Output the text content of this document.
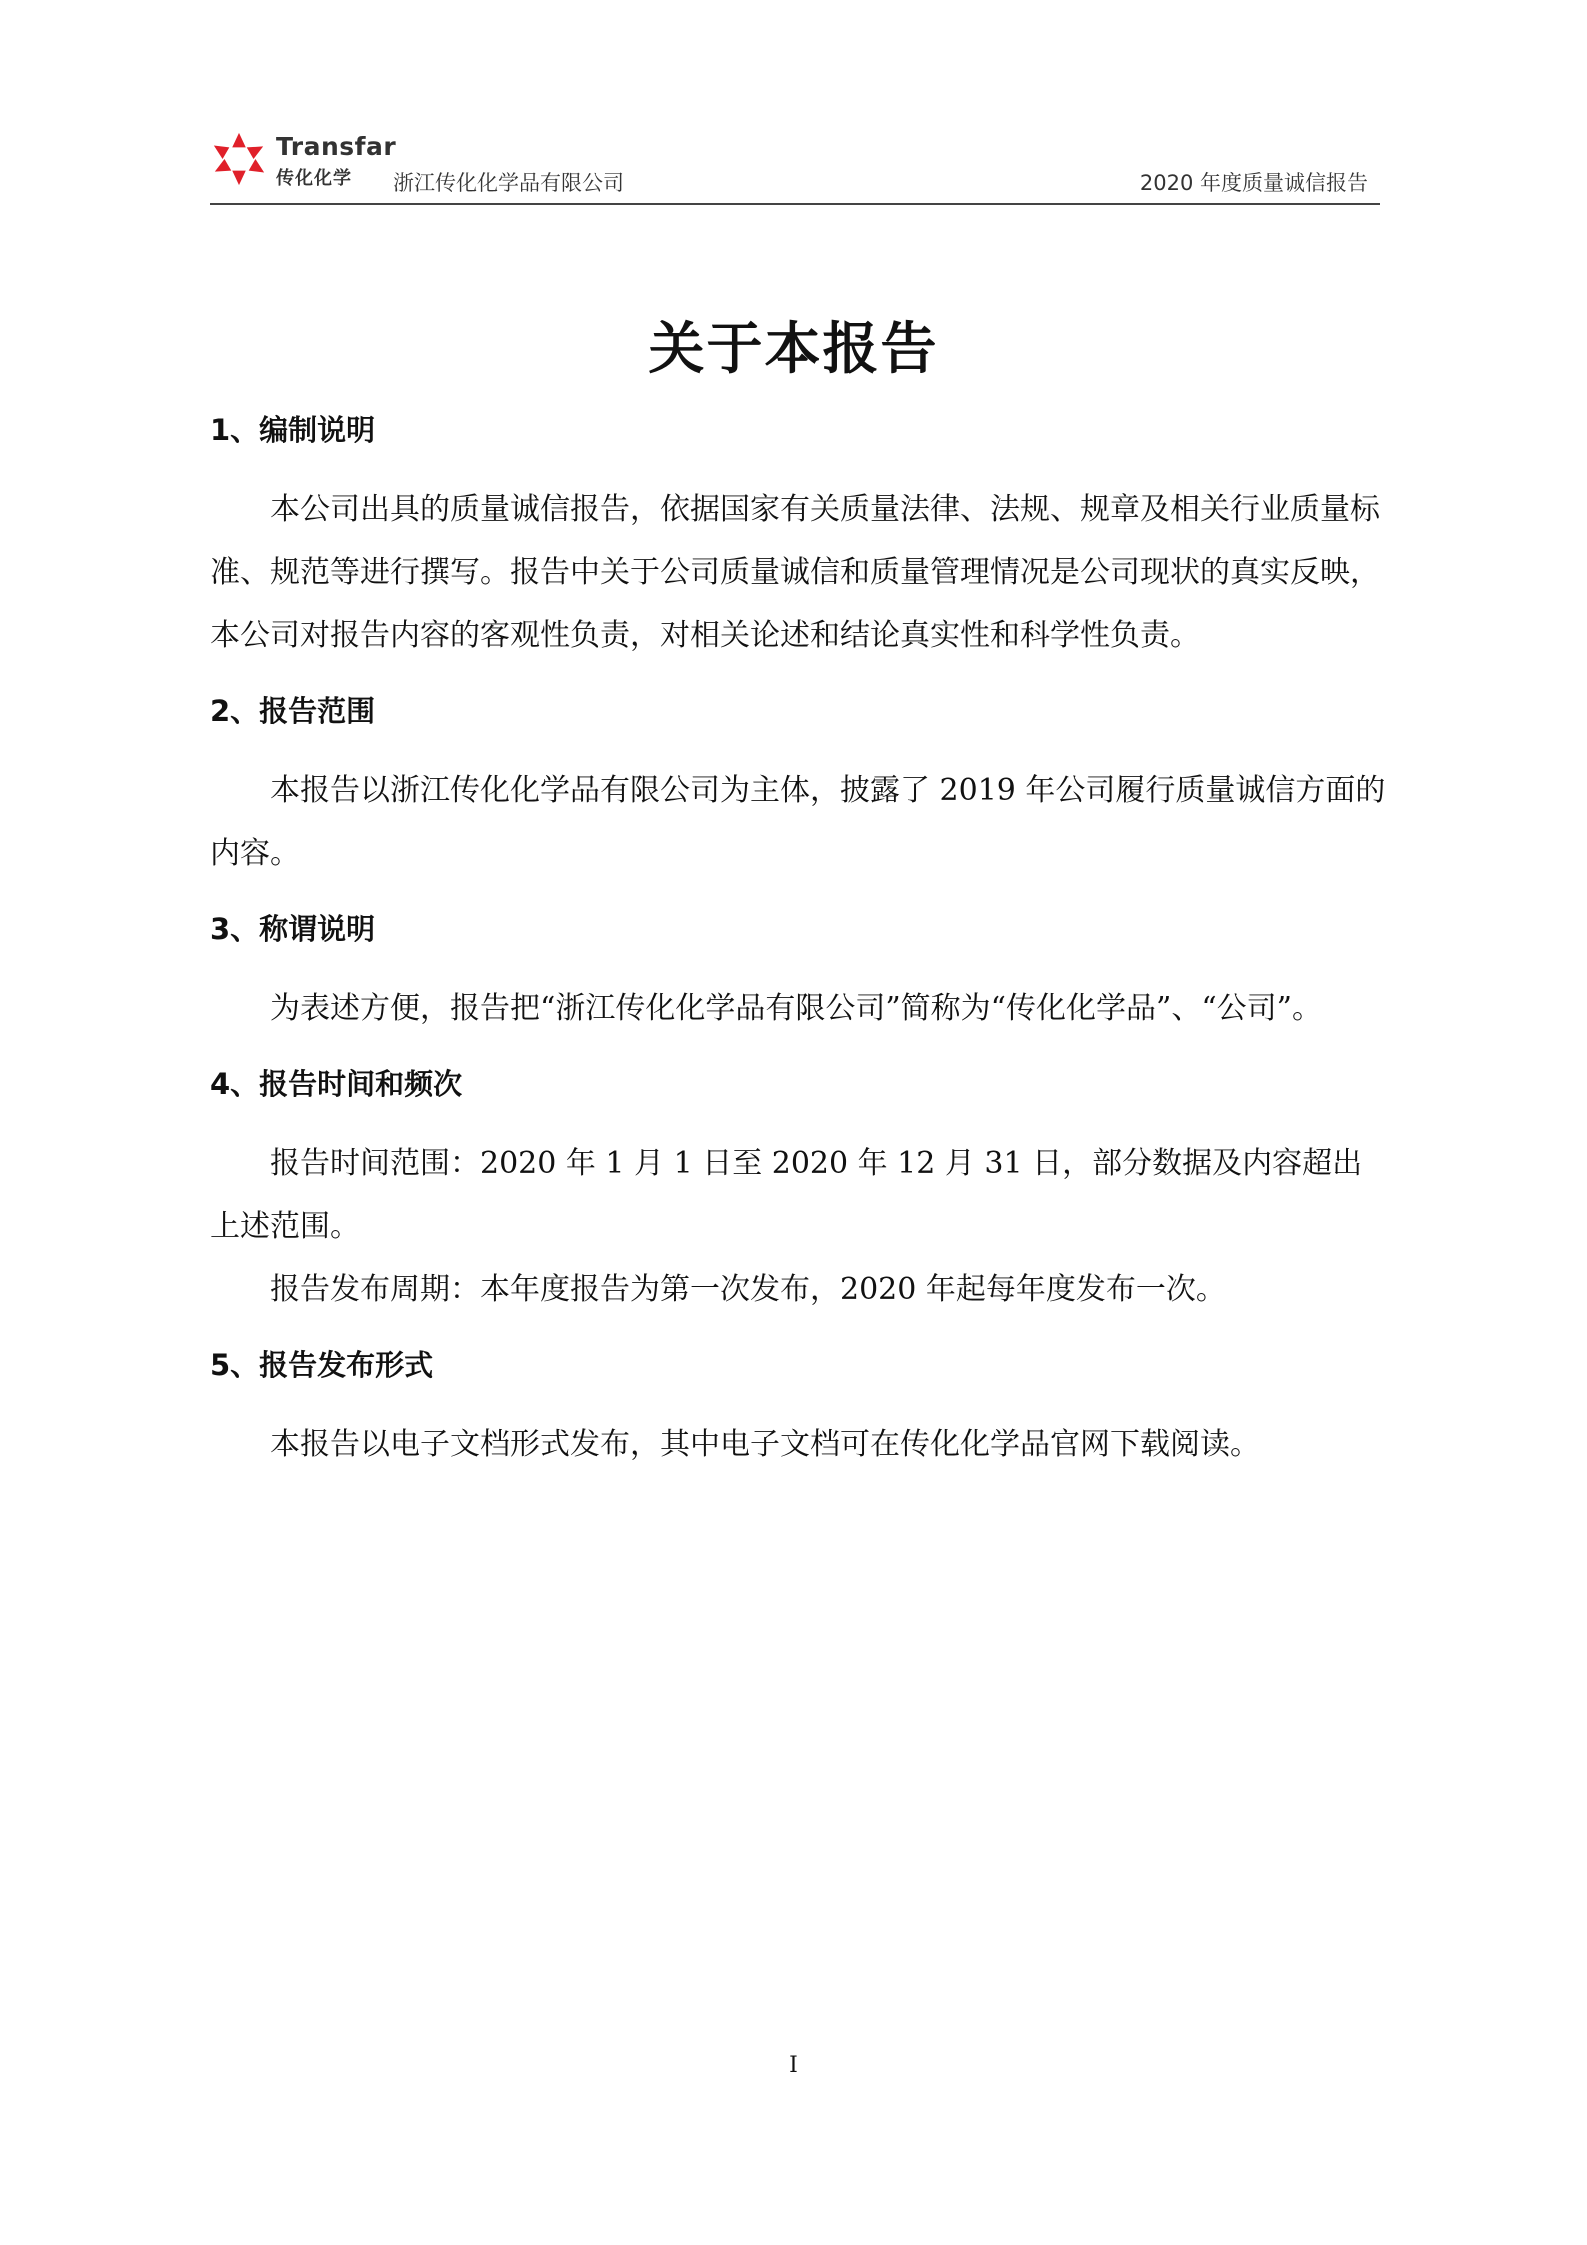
Transfar
传化化学 浙江传化化学品有限公司	2020 年度质量诚信报告
关于本报告
1、编制说明

本公司出具的质量诚信报告，依据国家有关质量法律、法规、规章及相关行业质量标准、规范等进行撰写。报告中关于公司质量诚信和质量管理情况是公司现状的真实反映，本公司对报告内容的客观性负责，对相关论述和结论真实性和科学性负责。

2、报告范围

本报告以浙江传化化学品有限公司为主体，披露了 2019 年公司履行质量诚信方面的内容。

3、称谓说明

为表述方便，报告把“浙江传化化学品有限公司”简称为“传化化学品”、“公司”。

4、报告时间和频次

报告时间范围：2020 年 1 月 1 日至 2020 年 12 月 31 日，部分数据及内容超出上述范围。

报告发布周期：本年度报告为第一次发布，2020 年起每年度发布一次。

5、报告发布形式

本报告以电子文档形式发布，其中电子文档可在传化化学品官网下载阅读。

I
